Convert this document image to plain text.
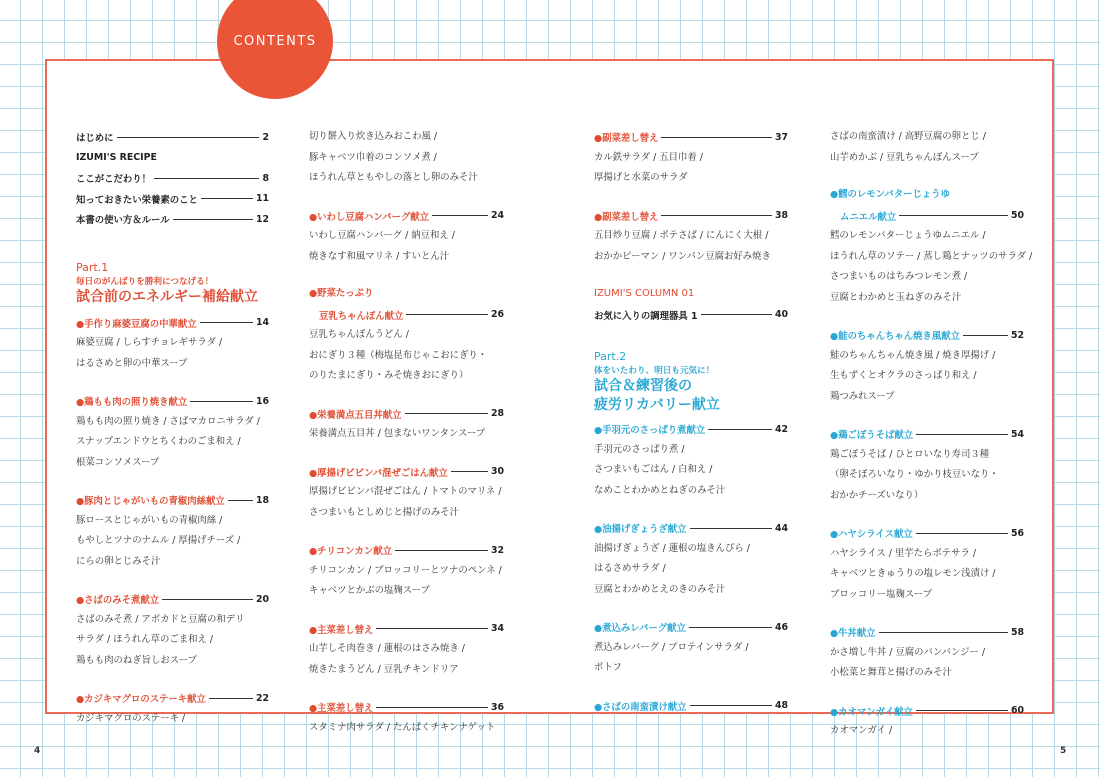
CONTENTS
はじめに	2
IZUMI'S RECIPE
ここがこだわり！	8
知っておきたい栄養素のこと	11
本書の使い方＆ルール	12
Part.1
毎日のがんばりを勝利につなげる！
試合前のエネルギー補給献立
●手作り麻婆豆腐の中華献立	14
麻婆豆腐 / しらすチョレギサラダ /
はるさめと卵の中華スープ
●鶏もも肉の照り焼き献立	16
鶏もも肉の照り焼き / さばマカロニサラダ /
スナップエンドウとちくわのごま和え /
根菜コンソメスープ
●豚肉とじゃがいもの青椒肉絲献立	18
豚ロースとじゃがいもの青椒肉絲 /
もやしとツナのナムル / 厚揚げチーズ /
にらの卵とじみそ汁
●さばのみそ煮献立	20
さばのみそ煮 / アボカドと豆腐の和デリ
サラダ / ほうれん草のごま和え /
鶏もも肉のねぎ旨しおスープ
●カジキマグロのステーキ献立	22
カジキマグロのステーキ /
切り餅入り炊き込みおこわ風 /
豚キャベツ巾着のコンソメ煮 /
ほうれん草ともやしの落とし卵のみそ汁
●いわし豆腐ハンバーグ献立	24
いわし豆腐ハンバーグ / 納豆和え /
焼きなす和風マリネ / すいとん汁
●野菜たっぷり
豆乳ちゃんぽん献立	26
豆乳ちゃんぽんうどん /
おにぎり３種（梅塩昆布じゃこおにぎり・
のりたまにぎり・みそ焼きおにぎり）
●栄養満点五目丼献立	28
栄養満点五目丼 / 包まないワンタンスープ
●厚揚げビビンバ混ぜごはん献立	30
厚揚げビビンバ混ぜごはん / トマトのマリネ /
さつまいもとしめじと揚げのみそ汁
●チリコンカン献立	32
チリコンカン / ブロッコリーとツナのペンネ /
キャベツとかぶの塩麹スープ
●主菜差し替え	34
山芋しそ肉巻き / 蓮根のはさみ焼き /
焼きたまうどん / 豆乳チキンドリア
●主菜差し替え	36
スタミナ肉サラダ / たんぱくチキンナゲット
●副菜差し替え	37
カル鉄サラダ / 五目巾着 /
厚揚げと水菜のサラダ
●副菜差し替え	38
五目炒り豆腐 / ポテさば / にんにく大根 /
おかかピーマン / ワンパン豆腐お好み焼き
IZUMI'S COLUMN 01
お気に入りの調理器具 1	40
Part.2
体をいたわり、明日も元気に！
試合＆練習後の
疲労リカバリー献立
●手羽元のさっぱり煮献立	42
手羽元のさっぱり煮 /
さつまいもごはん / 白和え /
なめことわかめとねぎのみそ汁
●油揚げぎょうざ献立	44
油揚げぎょうざ / 蓮根の塩きんぴら /
はるさめサラダ /
豆腐とわかめとえのきのみそ汁
●煮込みレバーグ献立	46
煮込みレバーグ / プロテインサラダ /
ポトフ
●さばの南蛮漬け献立	48
さばの南蛮漬け / 高野豆腐の卵とじ /
山芋めかぶ / 豆乳ちゃんぽんスープ
●鱈のレモンバターじょうゆ
ムニエル献立	50
鱈のレモンバターじょうゆムニエル /
ほうれん草のソテー / 蒸し鶏とナッツのサラダ /
さつまいものはちみつレモン煮 /
豆腐とわかめと玉ねぎのみそ汁
●鮭のちゃんちゃん焼き風献立	52
鮭のちゃんちゃん焼き風 / 焼き厚揚げ /
生もずくとオクラのさっぱり和え /
鶏つみれスープ
●鶏ごぼうそば献立	54
鶏ごぼうそば / ひとロいなり寿司３種
（卵そぼろいなり・ゆかり枝豆いなり・
おかかチーズいなり）
●ハヤシライス献立	56
ハヤシライス / 里芋たらポテサラ /
キャベツときゅうりの塩レモン浅漬け /
ブロッコリー塩麹スープ
●牛丼献立	58
かさ増し牛丼 / 豆腐のバンバンジー /
小松菜と舞茸と揚げのみそ汁
●カオマンガイ献立	60
カオマンガイ /
4	5
